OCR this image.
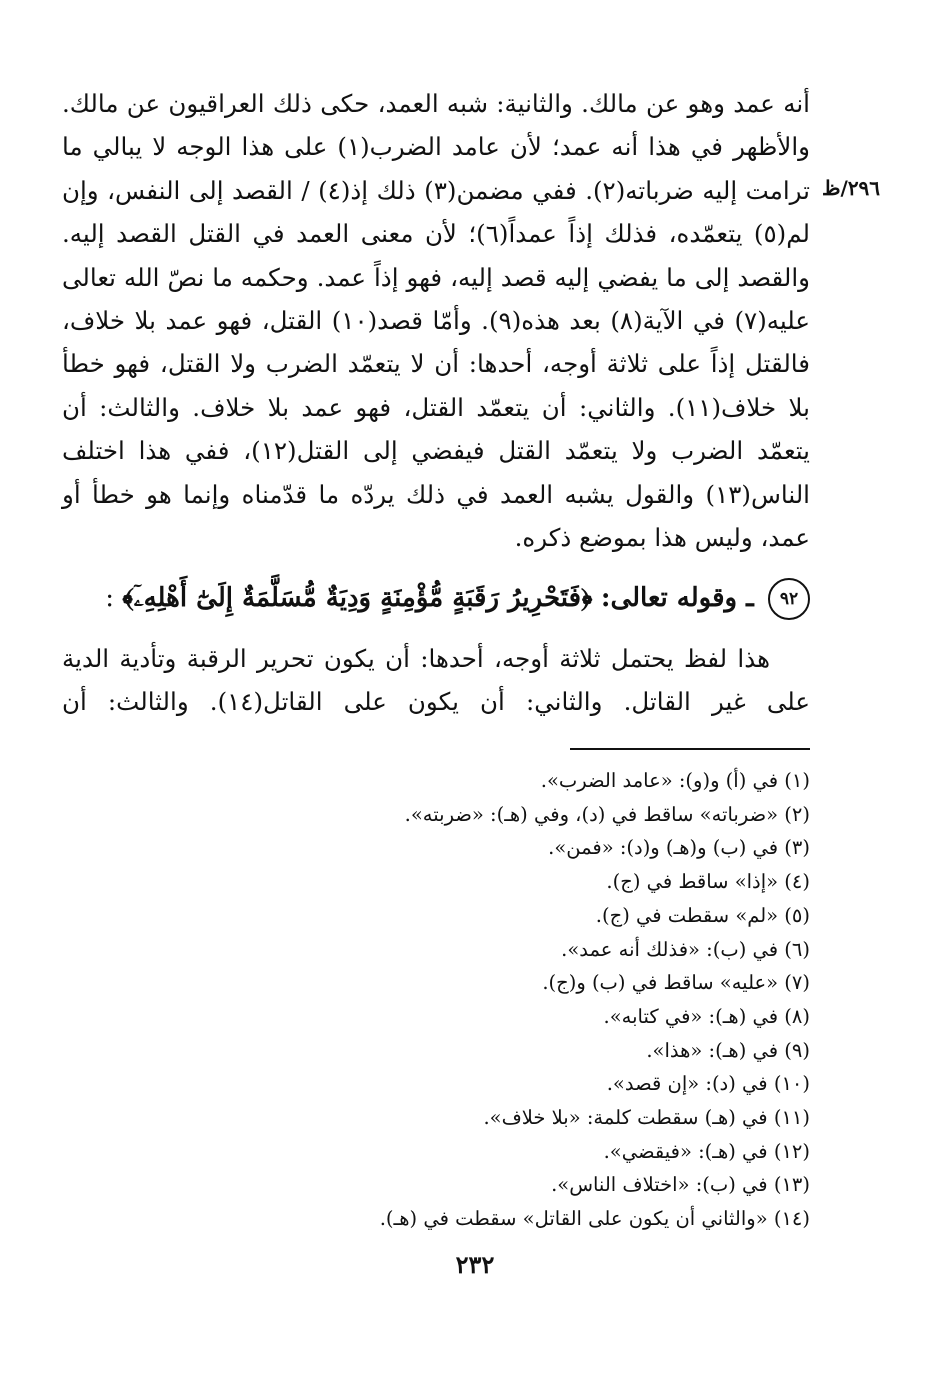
٢٩٦/ظ

أنه عمد وهو عن مالك. والثانية: شبه العمد، حكى ذلك العراقيون عن مالك. والأظهر في هذا أنه عمد؛ لأن عامد الضرب(١) على هذا الوجه لا يبالي ما ترامت إليه ضرباته(٢). ففي مضمن(٣) ذلك إذ(٤) / القصد إلى النفس، وإن لم(٥) يتعمّده، فذلك إذاً عمداً(٦)؛ لأن معنى العمد في القتل القصد إليه. والقصد إلى ما يفضي إليه قصد إليه، فهو إذاً عمد. وحكمه ما نصّ الله تعالى عليه(٧) في الآية(٨) بعد هذه(٩). وأمّا قصد(١٠) القتل، فهو عمد بلا خلاف، فالقتل إذاً على ثلاثة أوجه، أحدها: أن لا يتعمّد الضرب ولا القتل، فهو خطأ بلا خلاف(١١). والثاني: أن يتعمّد القتل، فهو عمد بلا خلاف. والثالث: أن يتعمّد الضرب ولا يتعمّد القتل فيفضي إلى القتل(١٢)، ففي هذا اختلف الناس(١٣) والقول يشبه العمد في ذلك يردّه ما قدّمناه وإنما هو خطأ أو عمد، وليس هذا بموضع ذكره.

٩٢ ـ وقوله تعالى: ﴿فَتَحْرِيرُ رَقَبَةٍ مُّؤْمِنَةٍ وَدِيَةٌ مُّسَلَّمَةٌ إِلَىٰٓ أَهْلِهِۦٓ﴾ :

هذا لفظ يحتمل ثلاثة أوجه، أحدها: أن يكون تحرير الرقبة وتأدية الدية على غير القاتل. والثاني: أن يكون على القاتل(١٤). والثالث: أن

(١) في (أ) و(و): «عامد الضرب».
(٢) «ضرباته» ساقط في (د)، وفي (هـ): «ضربته».
(٣) في (ب) و(هـ) و(د): «فمن».
(٤) «إذا» ساقط في (ج).
(٥) «لم» سقطت في (ج).
(٦) في (ب): «فذلك أنه عمد».
(٧) «عليه» ساقط في (ب) و(ج).
(٨) في (هـ): «في كتابه».
(٩) في (هـ): «هذا».
(١٠) في (د): «إن قصد».
(١١) في (هـ) سقطت كلمة: «بلا خلاف».
(١٢) في (هـ): «فيقضي».
(١٣) في (ب): «اختلاف الناس».
(١٤) «والثاني أن يكون على القاتل» سقطت في (هـ).
٢٣٢
